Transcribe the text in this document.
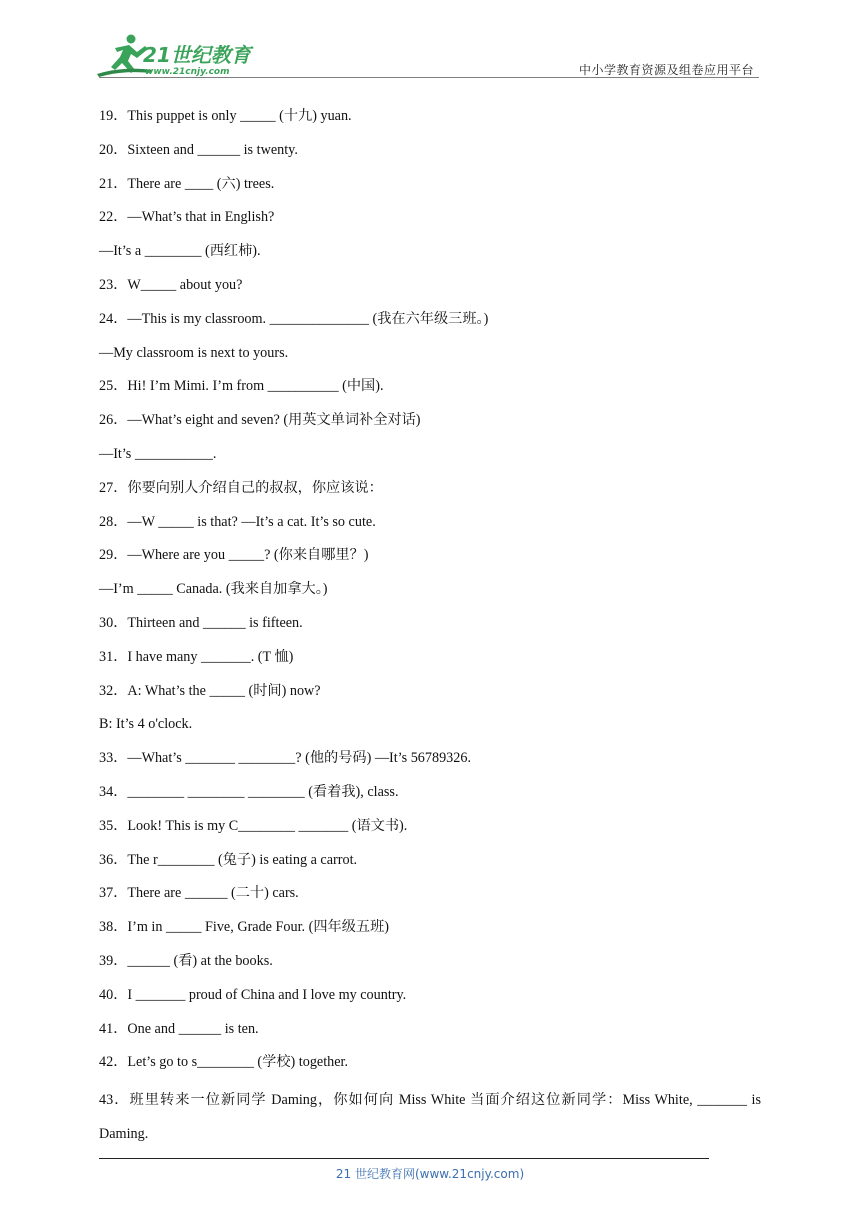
21世纪教育
www.21cnjy.com	中小学教育资源及组卷应用平台
19．This puppet is only _____ (十九) yuan.
20．Sixteen and ______ is twenty.
21．There are ____ (六) trees.
22．—What’s that in English?
—It’s a ________ (西红柿).
23．W_____ about you?
24．—This is my classroom. ______________ (我在六年级三班。)
—My classroom is next to yours.
25．Hi! I’m Mimi. I’m from __________ (中国).
26．—What’s eight and seven? (用英文单词补全对话)
—It’s ___________.
27．你要向别人介绍自己的叔叔，你应该说：
28．—W _____ is that? —It’s a cat. It’s so cute.
29．—Where are you _____? (你来自哪里？)
—I’m _____ Canada. (我来自加拿大。)
30．Thirteen and ______ is fifteen.
31．I have many _______. (T 恤)
32．A: What’s the _____ (时间) now?
B: It’s 4 o'clock.
33．—What’s _______ ________? (他的号码) —It’s 56789326.
34．________ ________ ________ (看着我), class.
35．Look! This is my C________ _______ (语文书).
36．The r________ (兔子) is eating a carrot.
37．There are ______ (二十) cars.
38．I’m in _____ Five, Grade Four. (四年级五班)
39．______ (看) at the books.
40．I _______ proud of China and I love my country.
41．One and ______ is ten.
42．Let’s go to s________ (学校) together.
43．班里转来一位新同学 Daming，你如何向 Miss White 当面介绍这位新同学：Miss White, _______ is Daming.
21 世纪教育网(www.21cnjy.com)
